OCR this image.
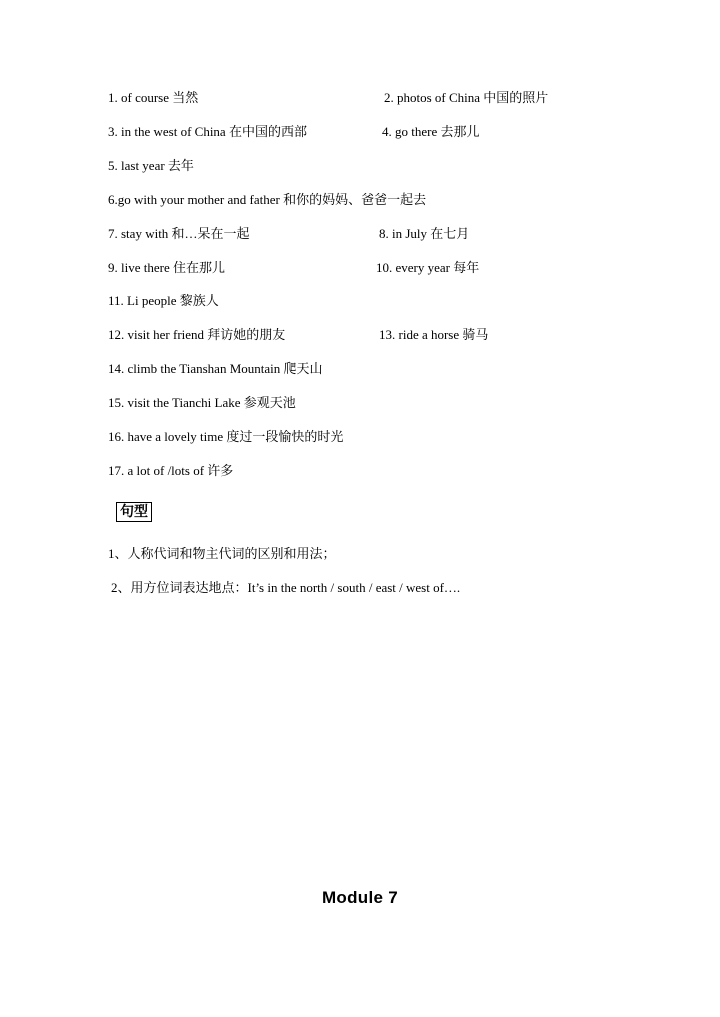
1. of course 当然	2. photos of China 中国的照片
3. in the west of China 在中国的西部	4. go there 去那儿
5. last year 去年
6.go with your mother and father 和你的妈妈、爸爸一起去
7. stay with 和…呆在一起	8. in July 在七月
9. live there 住在那儿	10. every year 每年
11. Li people 黎族人
12. visit her friend 拜访她的朋友	13. ride a horse 骑马
14. climb the Tianshan Mountain 爬天山
15. visit the Tianchi Lake 参观天池
16. have a lovely time 度过一段愉快的时光
17. a lot of /lots of 许多
句型
1、人称代词和物主代词的区别和用法；
2、用方位词表达地点：It’s in the north / south / east / west of….
Module 7
